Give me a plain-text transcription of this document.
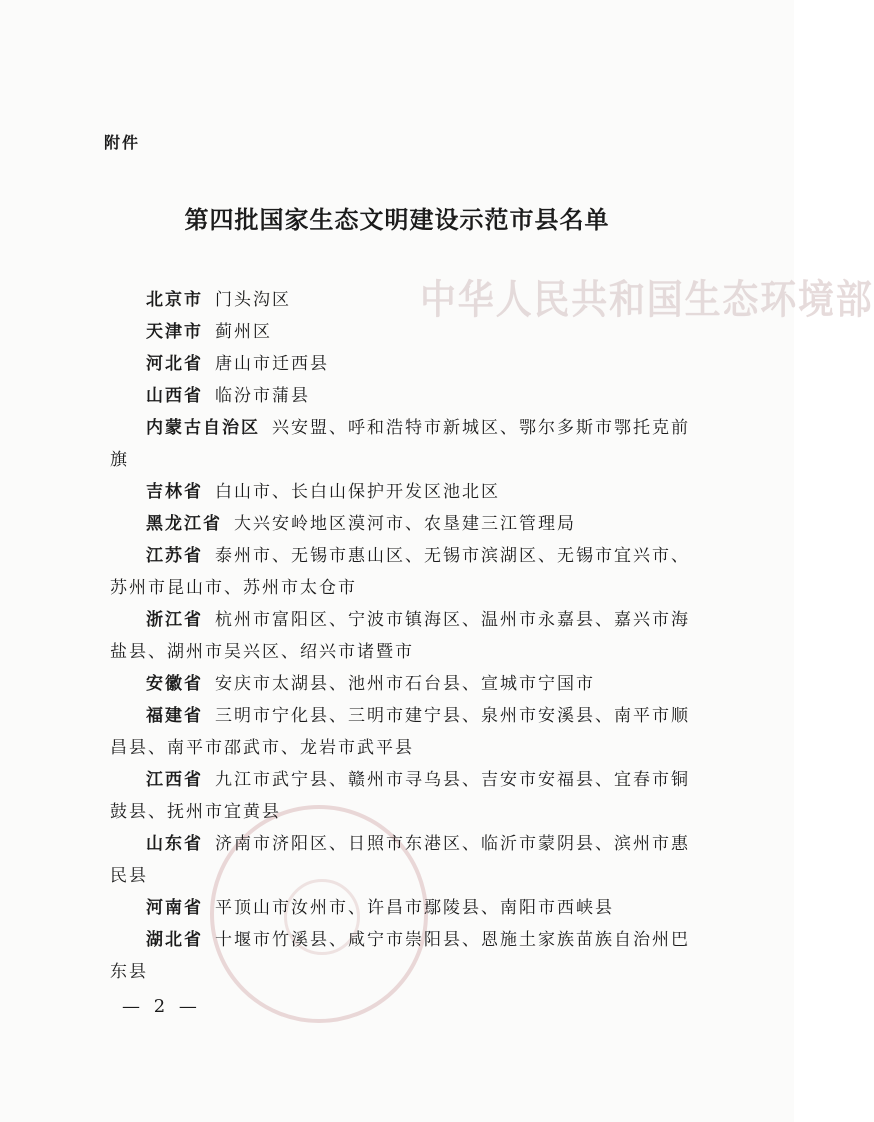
中华人民共和国生态环境部
附件
第四批国家生态文明建设示范市县名单

北京市 门头沟区

天津市 蓟州区

河北省 唐山市迁西县

山西省 临汾市蒲县

内蒙古自治区 兴安盟、呼和浩特市新城区、鄂尔多斯市鄂托克前旗

吉林省 白山市、长白山保护开发区池北区

黑龙江省 大兴安岭地区漠河市、农垦建三江管理局

江苏省 泰州市、无锡市惠山区、无锡市滨湖区、无锡市宜兴市、苏州市昆山市、苏州市太仓市

浙江省 杭州市富阳区、宁波市镇海区、温州市永嘉县、嘉兴市海盐县、湖州市吴兴区、绍兴市诸暨市

安徽省 安庆市太湖县、池州市石台县、宣城市宁国市

福建省 三明市宁化县、三明市建宁县、泉州市安溪县、南平市顺昌县、南平市邵武市、龙岩市武平县

江西省 九江市武宁县、赣州市寻乌县、吉安市安福县、宜春市铜鼓县、抚州市宜黄县

山东省 济南市济阳区、日照市东港区、临沂市蒙阴县、滨州市惠民县

河南省 平顶山市汝州市、许昌市鄢陵县、南阳市西峡县

湖北省 十堰市竹溪县、咸宁市崇阳县、恩施土家族苗族自治州巴东县

— 2 —
